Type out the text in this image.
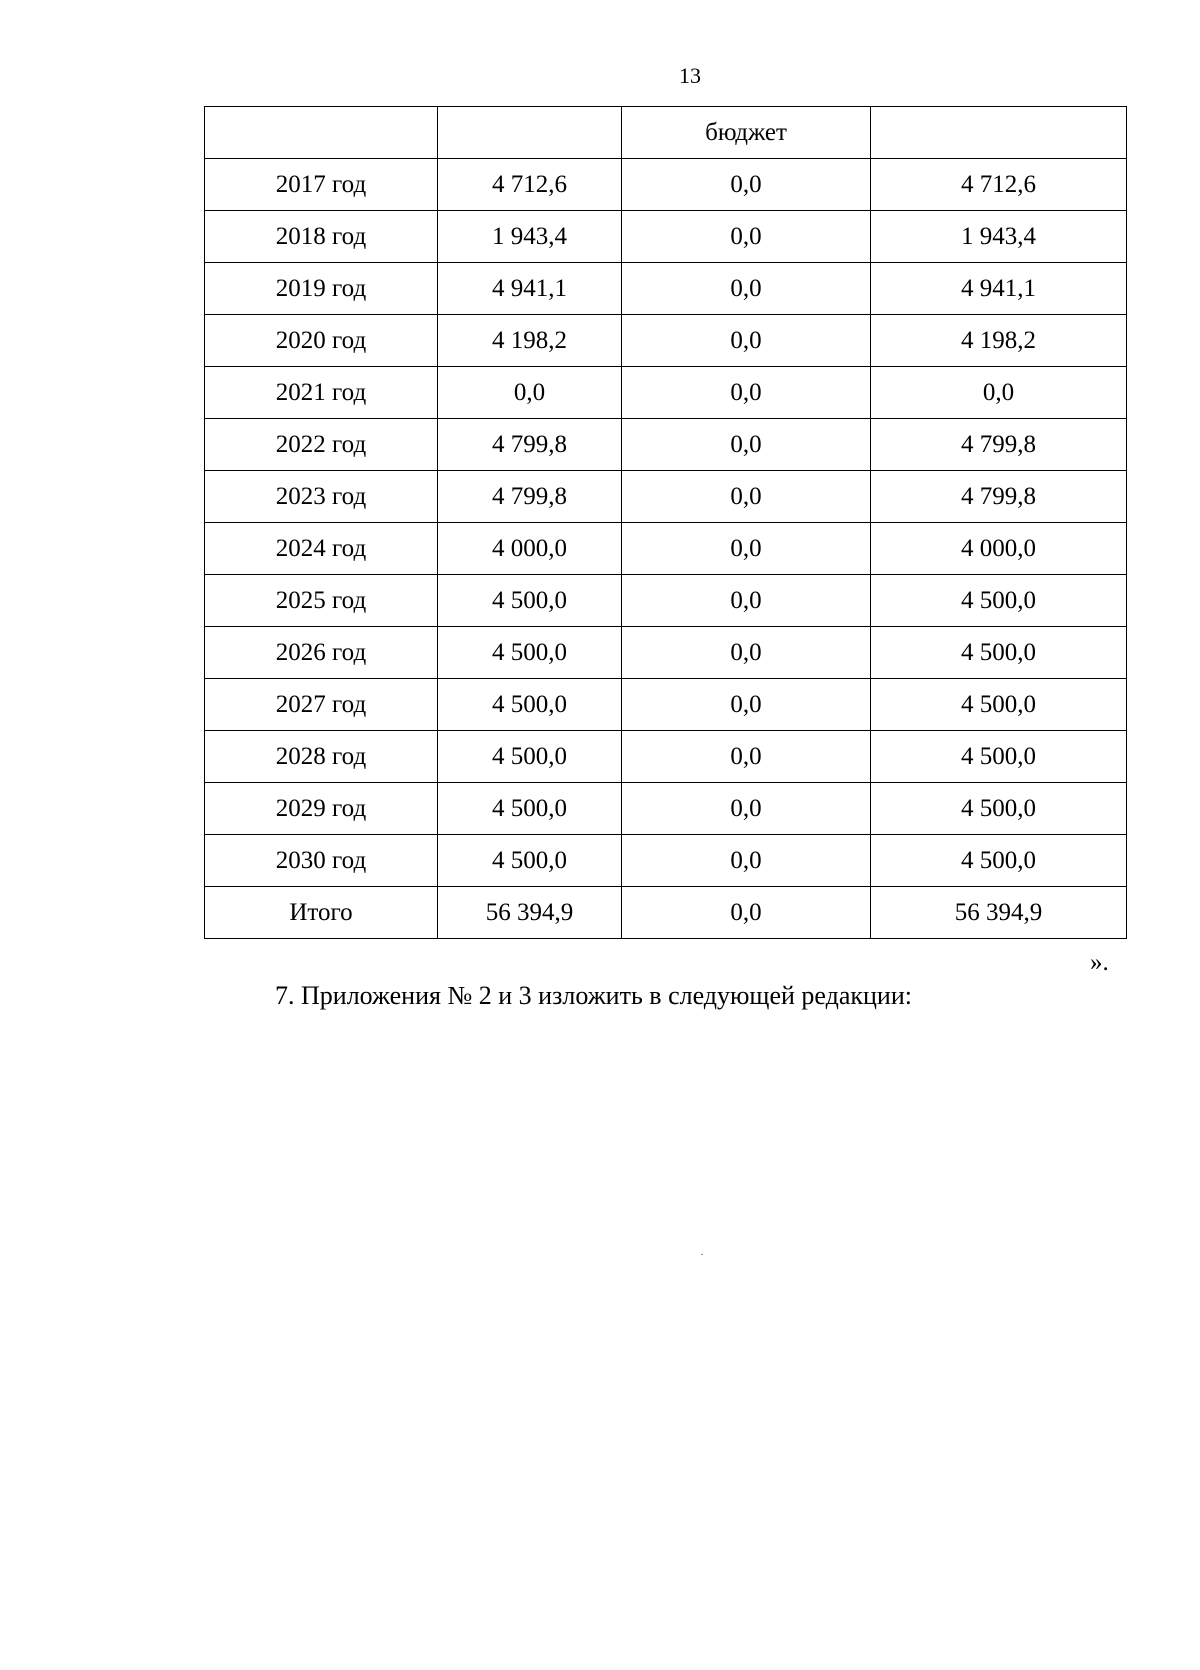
13
		бюджет	
2017 год	4 712,6	0,0	4 712,6
2018 год	1 943,4	0,0	1 943,4
2019 год	4 941,1	0,0	4 941,1
2020 год	4 198,2	0,0	4 198,2
2021 год	0,0	0,0	0,0
2022 год	4 799,8	0,0	4 799,8
2023 год	4 799,8	0,0	4 799,8
2024 год	4 000,0	0,0	4 000,0
2025 год	4 500,0	0,0	4 500,0
2026 год	4 500,0	0,0	4 500,0
2027 год	4 500,0	0,0	4 500,0
2028 год	4 500,0	0,0	4 500,0
2029 год	4 500,0	0,0	4 500,0
2030 год	4 500,0	0,0	4 500,0
Итого	56 394,9	0,0	56 394,9
».
7. Приложения № 2 и 3 изложить в следующей редакции:
